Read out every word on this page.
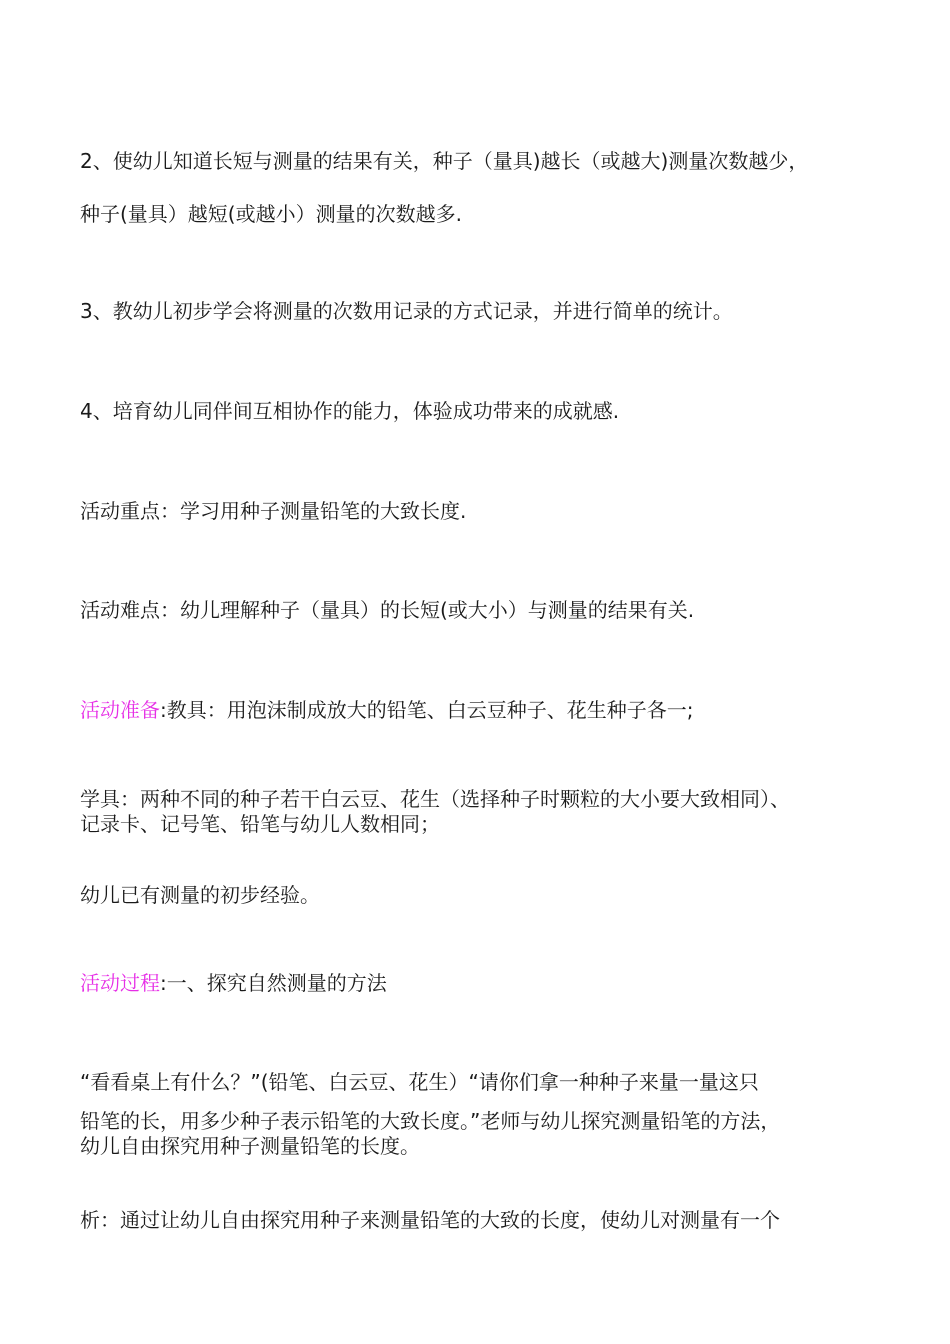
2、使幼儿知道长短与测量的结果有关，种子（量具)越长（或越大)测量次数越少，

种子(量具）越短(或越小）测量的次数越多.

3、教幼儿初步学会将测量的次数用记录的方式记录，并进行简单的统计。

4、培育幼儿同伴间互相协作的能力，体验成功带来的成就感.

活动重点：学习用种子测量铅笔的大致长度.

活动难点：幼儿理解种子（量具）的长短(或大小）与测量的结果有关.

活动准备:教具：用泡沫制成放大的铅笔、白云豆种子、花生种子各一;

学具：两种不同的种子若干白云豆、花生（选择种子时颗粒的大小要大致相同）、

记录卡、记号笔、铅笔与幼儿人数相同；

幼儿已有测量的初步经验。

活动过程:一、探究自然测量的方法

“看看桌上有什么？”(铅笔、白云豆、花生）“请你们拿一种种子来量一量这只

铅笔的长，用多少种子表示铅笔的大致长度。”老师与幼儿探究测量铅笔的方法，

幼儿自由探究用种子测量铅笔的长度。

析：通过让幼儿自由探究用种子来测量铅笔的大致的长度，使幼儿对测量有一个
